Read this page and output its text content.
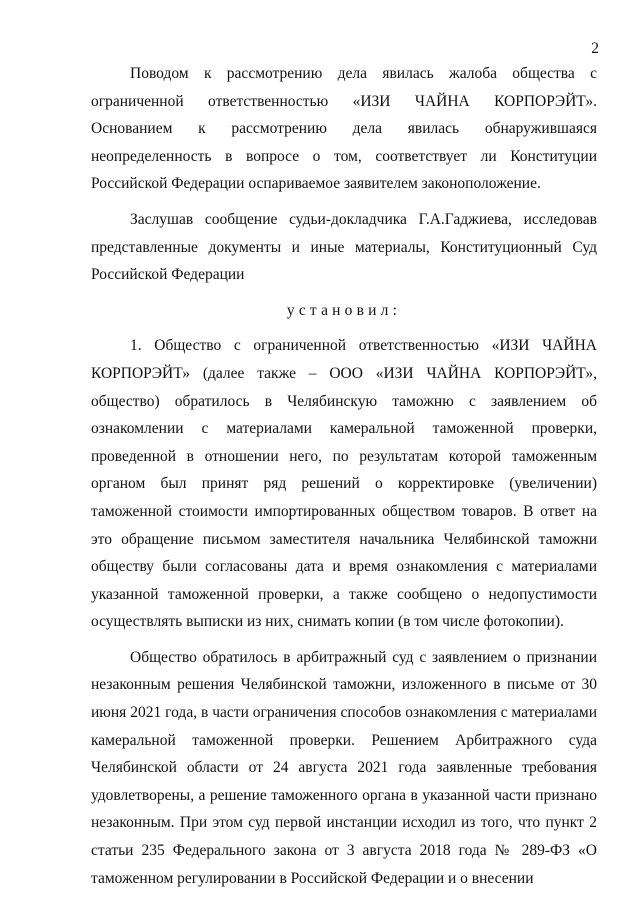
2

Поводом к рассмотрению дела явилась жалоба общества с ограниченной ответственностью «ИЗИ ЧАЙНА КОРПОРЭЙТ». Основанием к рассмотрению дела явилась обнаружившаяся неопределенность в вопросе о том, соответствует ли Конституции Российской Федерации оспариваемое заявителем законоположение.

Заслушав сообщение судьи-докладчика Г.А.Гаджиева, исследовав представленные документы и иные материалы, Конституционный Суд Российской Федерации

установил:

1. Общество с ограниченной ответственностью «ИЗИ ЧАЙНА КОРПОРЭЙТ» (далее также – ООО «ИЗИ ЧАЙНА КОРПОРЭЙТ», общество) обратилось в Челябинскую таможню с заявлением об ознакомлении с материалами камеральной таможенной проверки, проведенной в отношении него, по результатам которой таможенным органом был принят ряд решений о корректировке (увеличении) таможенной стоимости импортированных обществом товаров. В ответ на это обращение письмом заместителя начальника Челябинской таможни обществу были согласованы дата и время ознакомления с материалами указанной таможенной проверки, а также сообщено о недопустимости осуществлять выписки из них, снимать копии (в том числе фотокопии).

Общество обратилось в арбитражный суд с заявлением о признании незаконным решения Челябинской таможни, изложенного в письме от 30 июня 2021 года, в части ограничения способов ознакомления с материалами камеральной таможенной проверки. Решением Арбитражного суда Челябинской области от 24 августа 2021 года заявленные требования удовлетворены, а решение таможенного органа в указанной части признано незаконным. При этом суд первой инстанции исходил из того, что пункт 2 статьи 235 Федерального закона от 3 августа 2018 года № 289-ФЗ «О таможенном регулировании в Российской Федерации и о внесении
